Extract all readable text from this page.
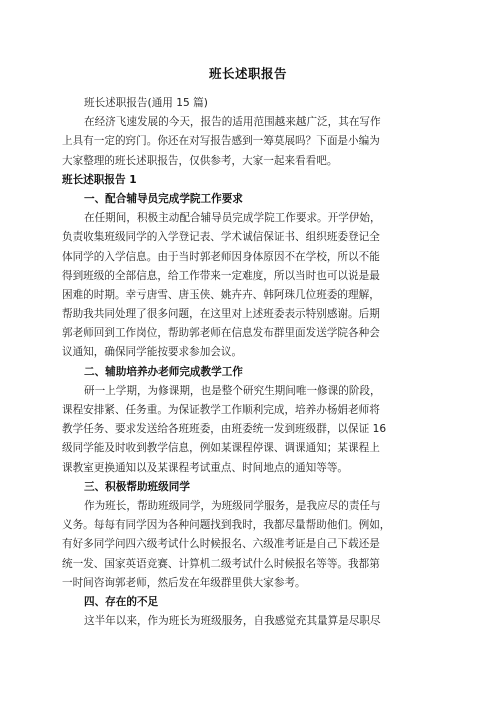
班长述职报告
班长述职报告(通用 15 篇)
在经济飞速发展的今天，报告的适用范围越来越广泛，其在写作
上具有一定的窍门。你还在对写报告感到一筹莫展吗？下面是小编为
大家整理的班长述职报告，仅供参考，大家一起来看看吧。
班长述职报告 1
一、配合辅导员完成学院工作要求
在任期间，积极主动配合辅导员完成学院工作要求。开学伊始，
负责收集班级同学的入学登记表、学术诚信保证书、组织班委登记全
体同学的入学信息。由于当时郭老师因身体原因不在学校，所以不能
得到班级的全部信息，给工作带来一定难度，所以当时也可以说是最
困难的时期。幸亏唐雪、唐玉侠、姚卉卉、韩阿珠几位班委的理解，
帮助我共同处理了很多问题，在这里对上述班委表示特别感谢。后期
郭老师回到工作岗位，帮助郭老师在信息发布群里面发送学院各种会
议通知，确保同学能按要求参加会议。
二、辅助培养办老师完成教学工作
研一上学期，为修课期，也是整个研究生期间唯一修课的阶段，
课程安排紧、任务重。为保证教学工作顺利完成，培养办杨娟老师将
教学任务、要求发送给各班班委，由班委统一发到班级群，以保证 16
级同学能及时收到教学信息，例如某课程停课、调课通知；某课程上
课教室更换通知以及某课程考试重点、时间地点的通知等等。
三、积极帮助班级同学
作为班长，帮助班级同学，为班级同学服务，是我应尽的责任与
义务。每每有同学因为各种问题找到我时，我都尽量帮助他们。例如，
有好多同学问四六级考试什么时候报名、六级准考证是自己下载还是
统一发、国家英语竞赛、计算机二级考试什么时候报名等等。我都第
一时间咨询郭老师，然后发在年级群里供大家参考。
四、存在的不足
这半年以来，作为班长为班级服务，自我感觉充其量算是尽职尽
